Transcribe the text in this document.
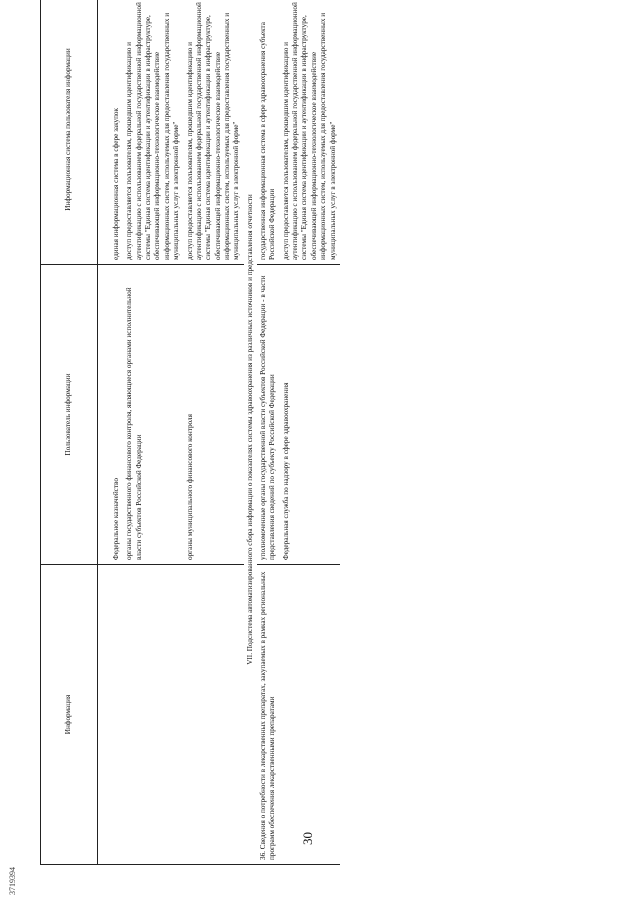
3719394
30
Информация	Пользователь информации	Информационная система пользователя информации
	Федеральное казначейство	единая информационная система в сфере закупок
	органы государственного финансового контроля, являющиеся органами исполнительной власти субъектов Российской Федерации	доступ предоставляется пользователям, прошедшим идентификацию и аутентификацию с использованием федеральной государственной информационной системы "Единая система идентификации и аутентификации в инфраструктуре, обеспечивающей информационно-технологическое взаимодействие информационных систем, используемых для предоставления государственных и муниципальных услуг в электронной форме"
	органы муниципального финансового контроля	доступ предоставляется пользователям, прошедшим идентификацию и аутентификацию с использованием федеральной государственной информационной системы "Единая система идентификации и аутентификации в инфраструктуре, обеспечивающей информационно-технологическое взаимодействие информационных систем, используемых для предоставления государственных и муниципальных услуг в электронной форме"
VII. Подсистема автоматизированного сбора информации о показателях системы здравоохранения из различных источников и представления отчетности		
36. Сведения о потребности в лекарственных препаратах, закупаемых в рамках региональных программ обеспечения лекарственными препаратами	уполномоченные органы государственной власти субъектов Российской Федерации - в части представления сведений по субъекту Российской Федерации	государственная информационная система в сфере здравоохранения субъекта Российской Федерации
	Федеральная служба по надзору в сфере здравоохранения	доступ предоставляется пользователям, прошедшим идентификацию и аутентификацию с использованием федеральной государственной информационной системы "Единая система идентификации и аутентификации в инфраструктуре, обеспечивающей информационно-технологическое взаимодействие информационных систем, используемых для предоставления государственных и муниципальных услуг в электронной форме"
